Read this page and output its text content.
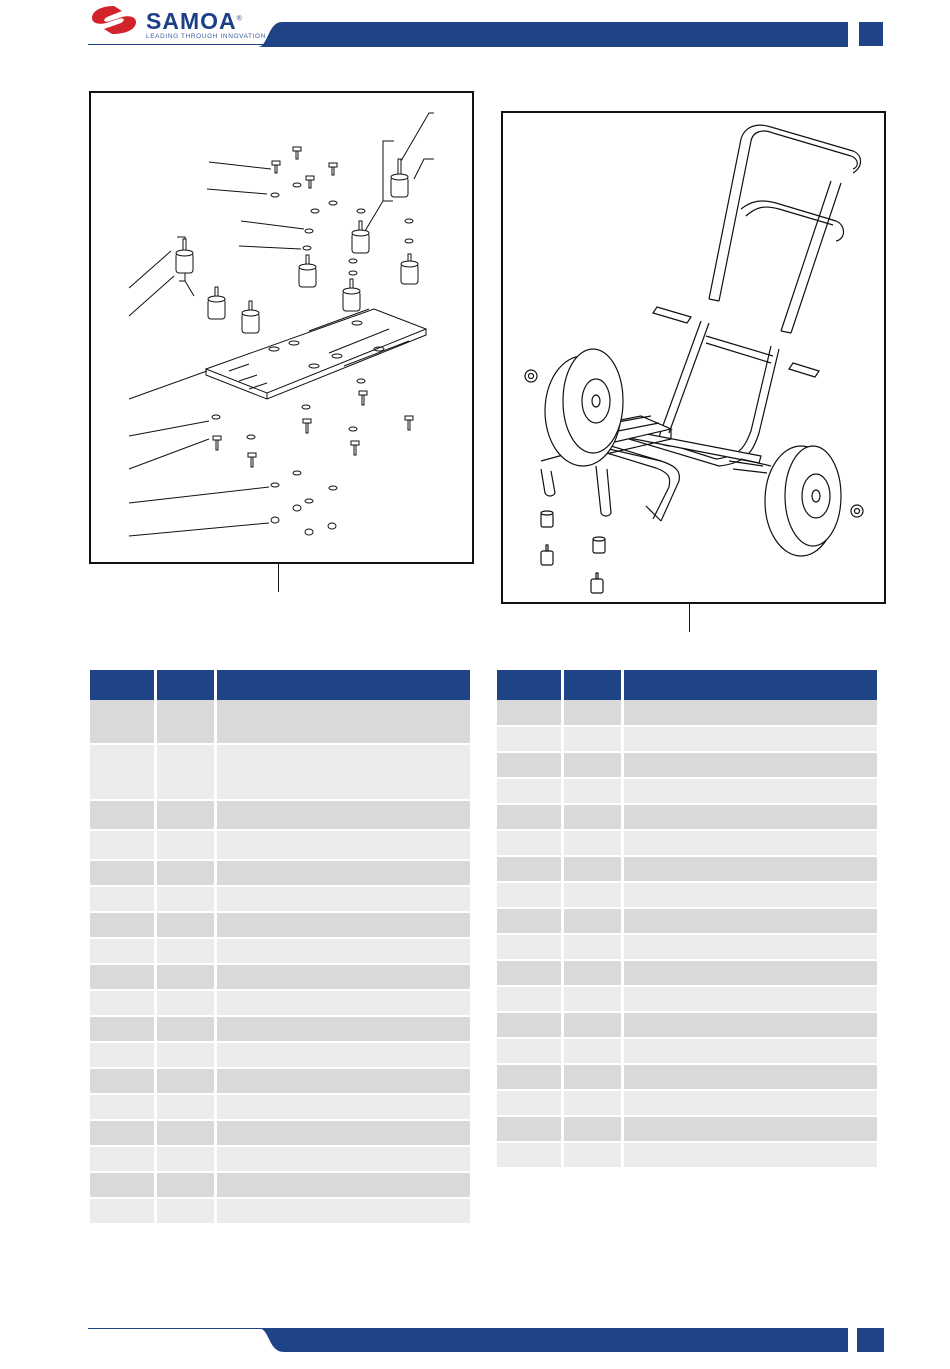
SAMOA®
LEADING THROUGH INNOVATION
